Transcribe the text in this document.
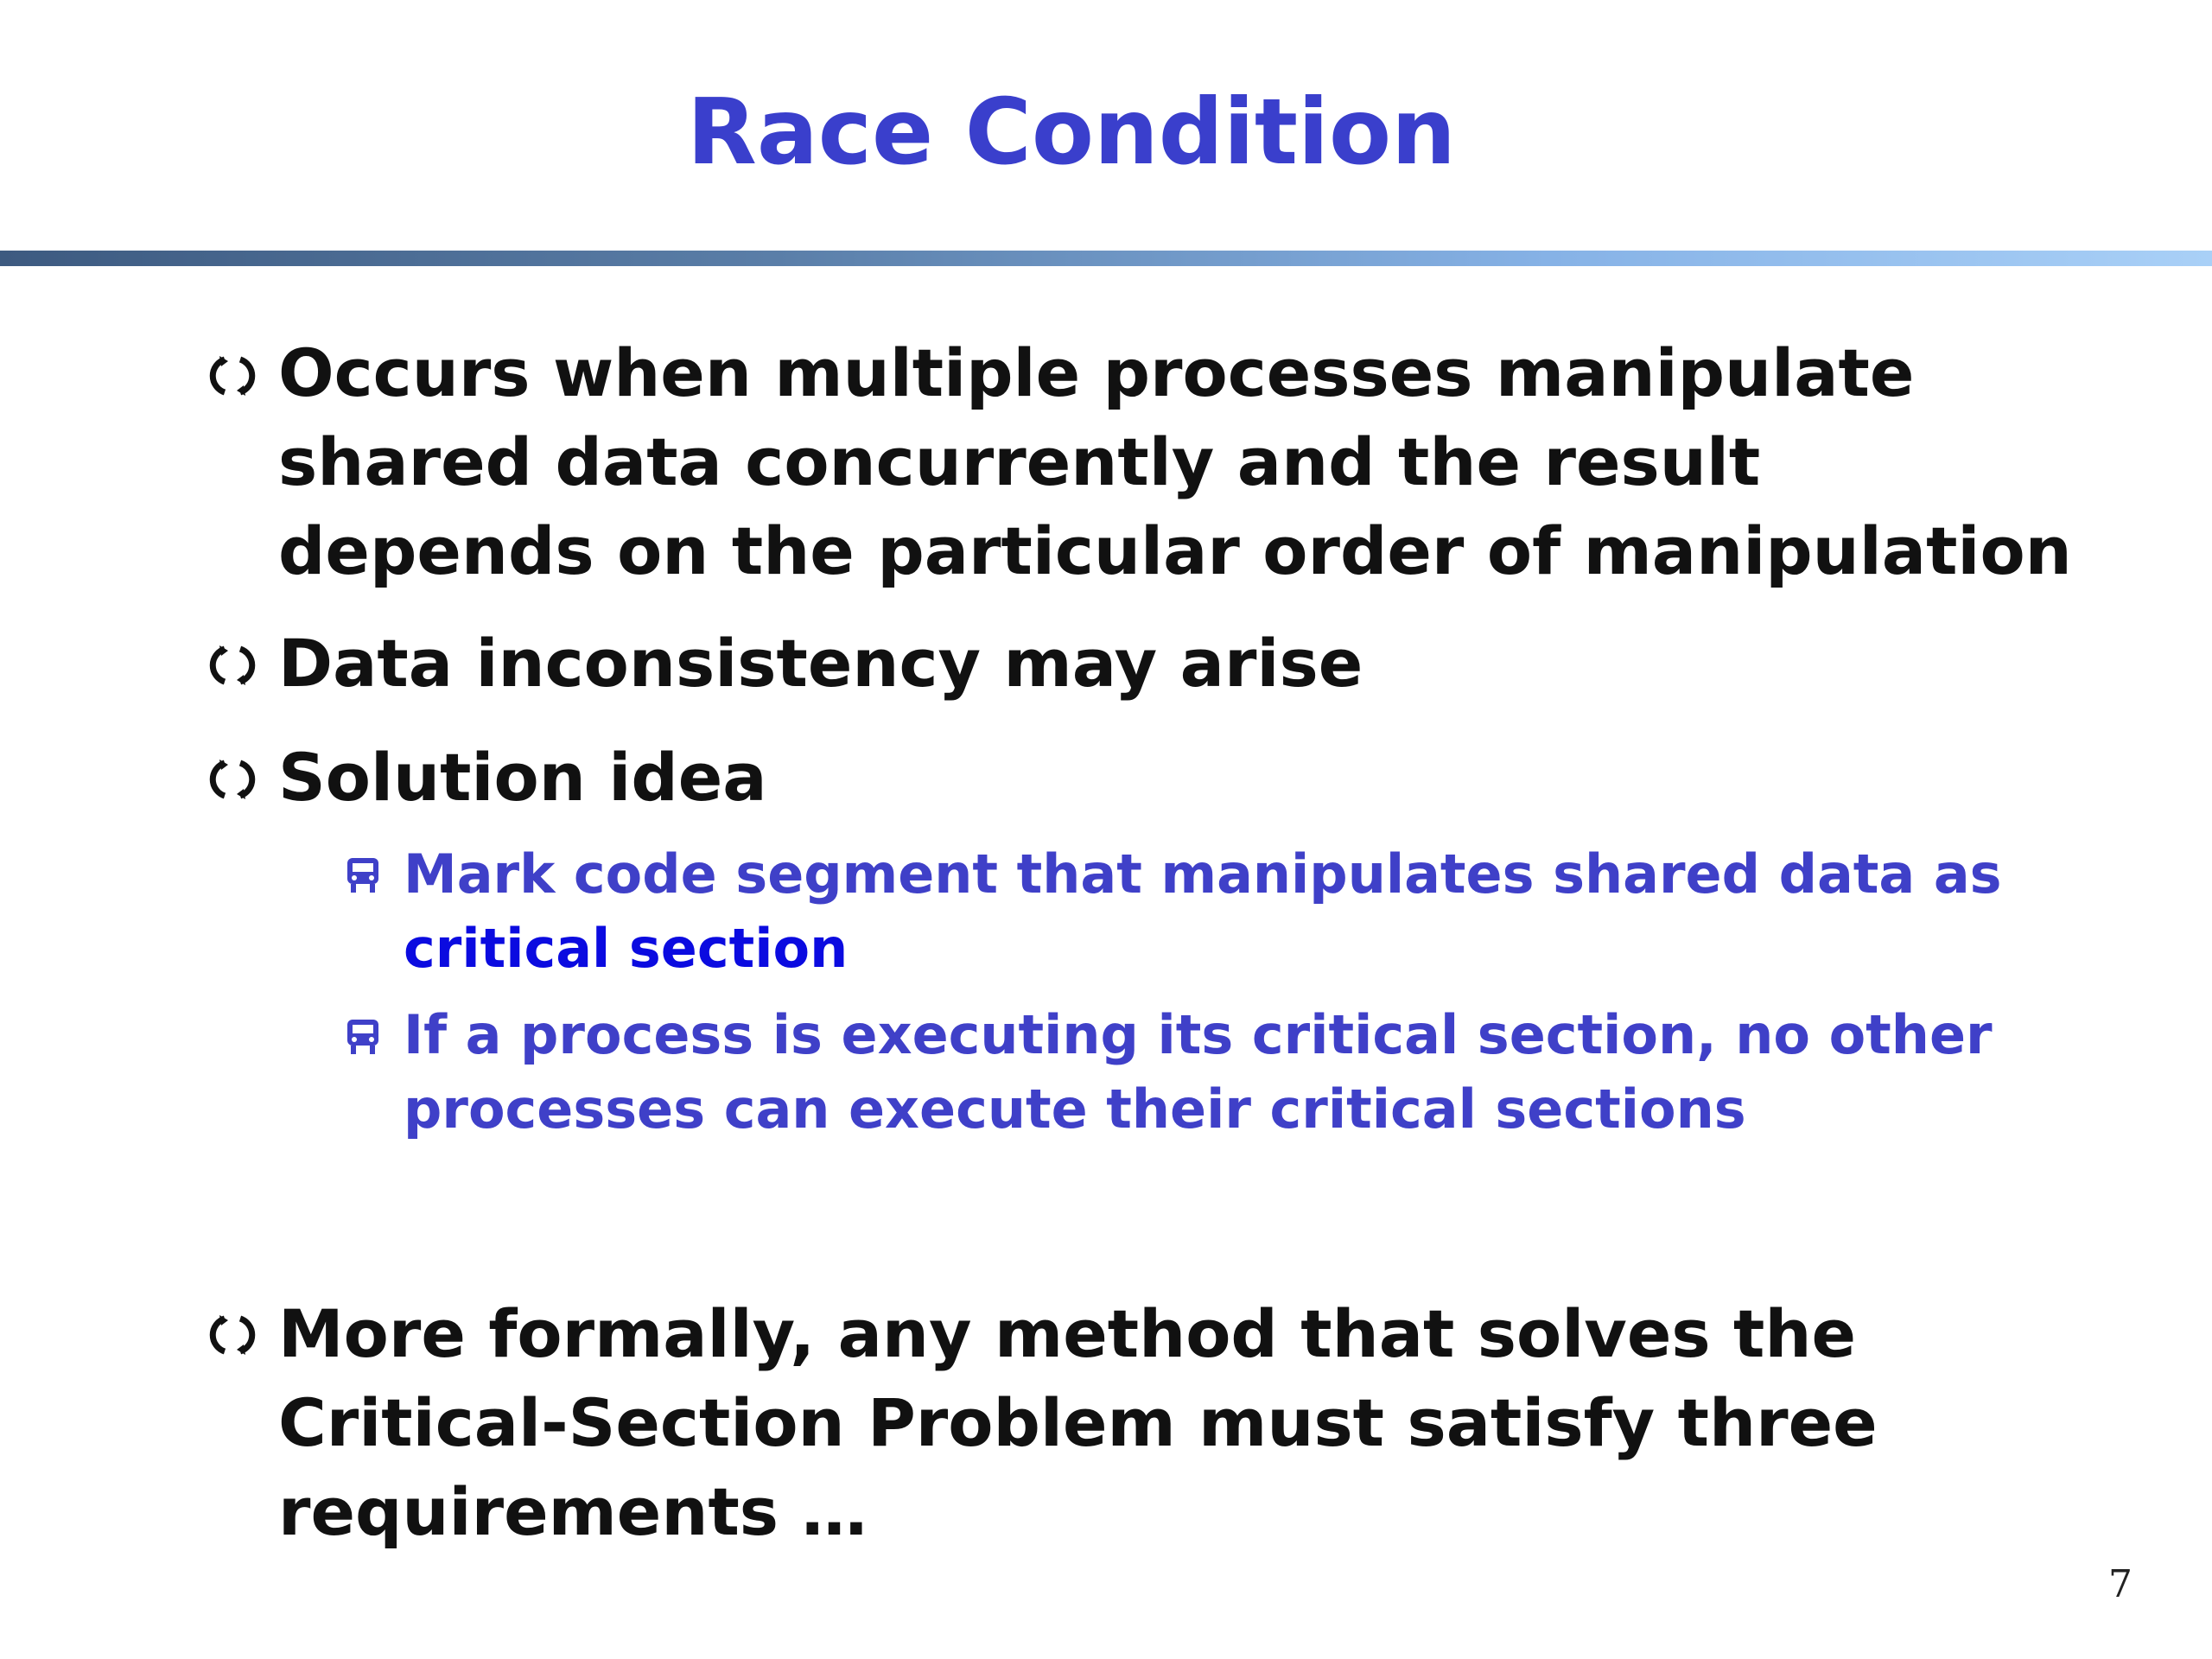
Race Condition
Occurs when multiple processes manipulate shared data concurrently and the result depends on the particular order of manipulation
Data inconsistency may arise
Solution idea
Mark code segment that manipulates shared data as critical section
If a process is executing its critical section, no other processes can execute their critical sections
More formally, any method that solves the Critical-Section Problem must satisfy three requirements …
7
